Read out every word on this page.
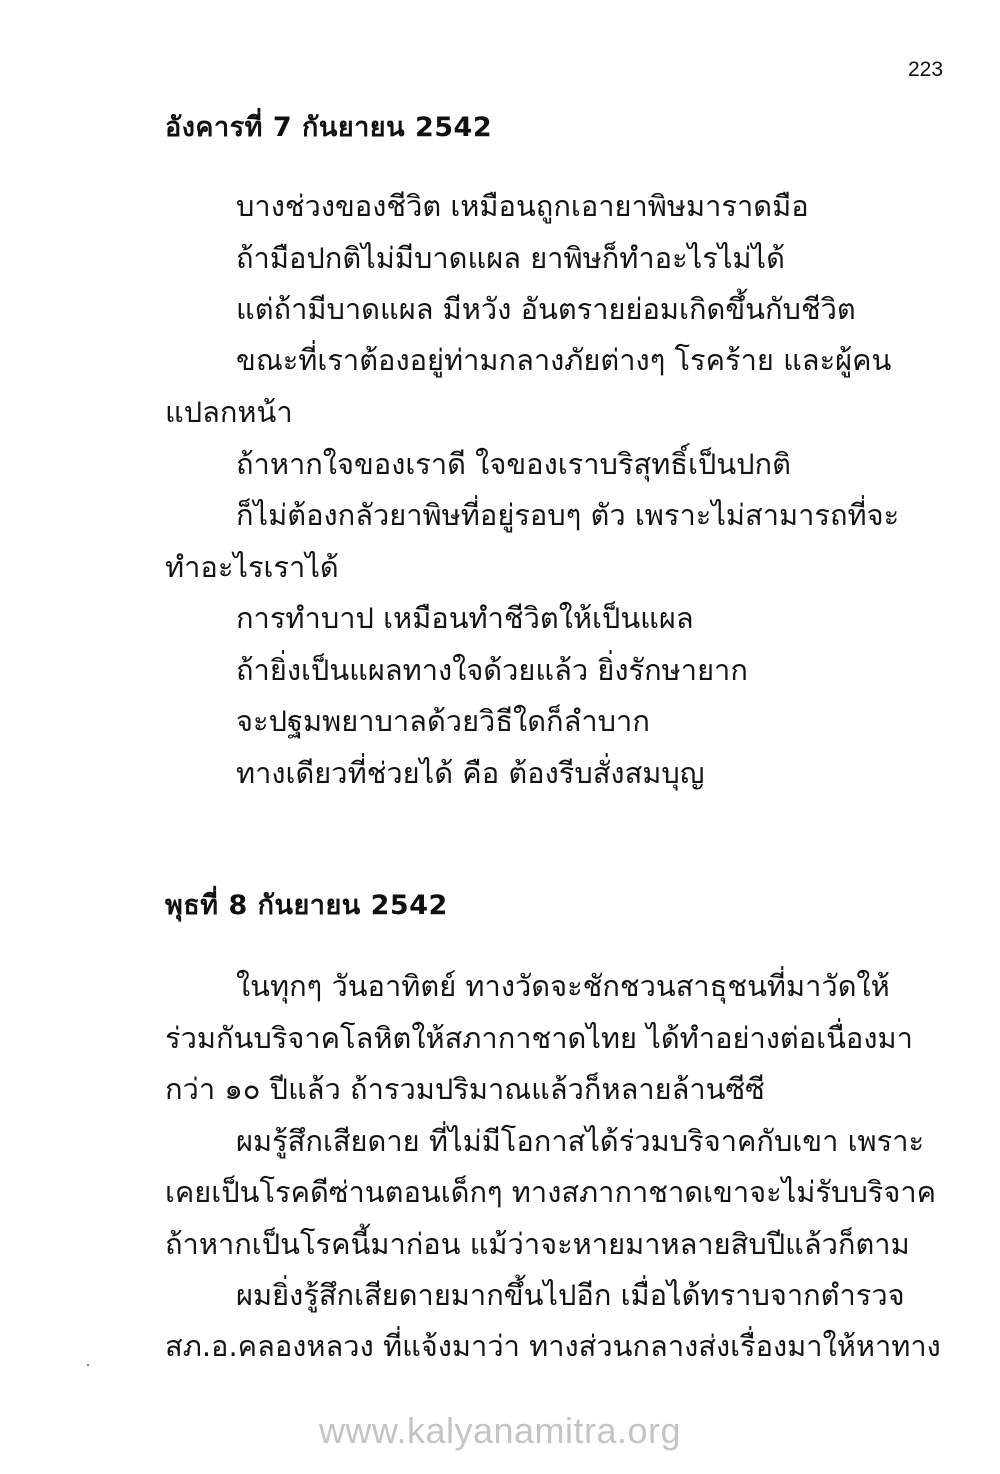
223
อังคารที่ 7 กันยายน 2542
บางช่วงของชีวิต เหมือนถูกเอายาพิษมาราดมือ
ถ้ามือปกติไม่มีบาดแผล ยาพิษก็ทำอะไรไม่ได้
แต่ถ้ามีบาดแผล มีหวัง อันตรายย่อมเกิดขึ้นกับชีวิต
ขณะที่เราต้องอยู่ท่ามกลางภัยต่างๆ โรคร้าย และผู้คน
แปลกหน้า
ถ้าหากใจของเราดี ใจของเราบริสุทธิ์เป็นปกติ
ก็ไม่ต้องกลัวยาพิษที่อยู่รอบๆ ตัว เพราะไม่สามารถที่จะ
ทำอะไรเราได้
การทำบาป เหมือนทำชีวิตให้เป็นแผล
ถ้ายิ่งเป็นแผลทางใจด้วยแล้ว ยิ่งรักษายาก
จะปฐมพยาบาลด้วยวิธีใดก็ลำบาก
ทางเดียวที่ช่วยได้ คือ ต้องรีบสั่งสมบุญ
พุธที่ 8 กันยายน 2542
ในทุกๆ วันอาทิตย์ ทางวัดจะชักชวนสาธุชนที่มาวัดให้
ร่วมกันบริจาคโลหิตให้สภากาชาดไทย ได้ทำอย่างต่อเนื่องมา
กว่า ๑๐ ปีแล้ว ถ้ารวมปริมาณแล้วก็หลายล้านซีซี
ผมรู้สึกเสียดาย ที่ไม่มีโอกาสได้ร่วมบริจาคกับเขา เพราะ
เคยเป็นโรคดีซ่านตอนเด็กๆ ทางสภากาชาดเขาจะไม่รับบริจาค
ถ้าหากเป็นโรคนี้มาก่อน แม้ว่าจะหายมาหลายสิบปีแล้วก็ตาม
ผมยิ่งรู้สึกเสียดายมากขึ้นไปอีก เมื่อได้ทราบจากตำรวจ
สภ.อ.คลองหลวง ที่แจ้งมาว่า ทางส่วนกลางส่งเรื่องมาให้หาทาง
www.kalyanamitra.org
